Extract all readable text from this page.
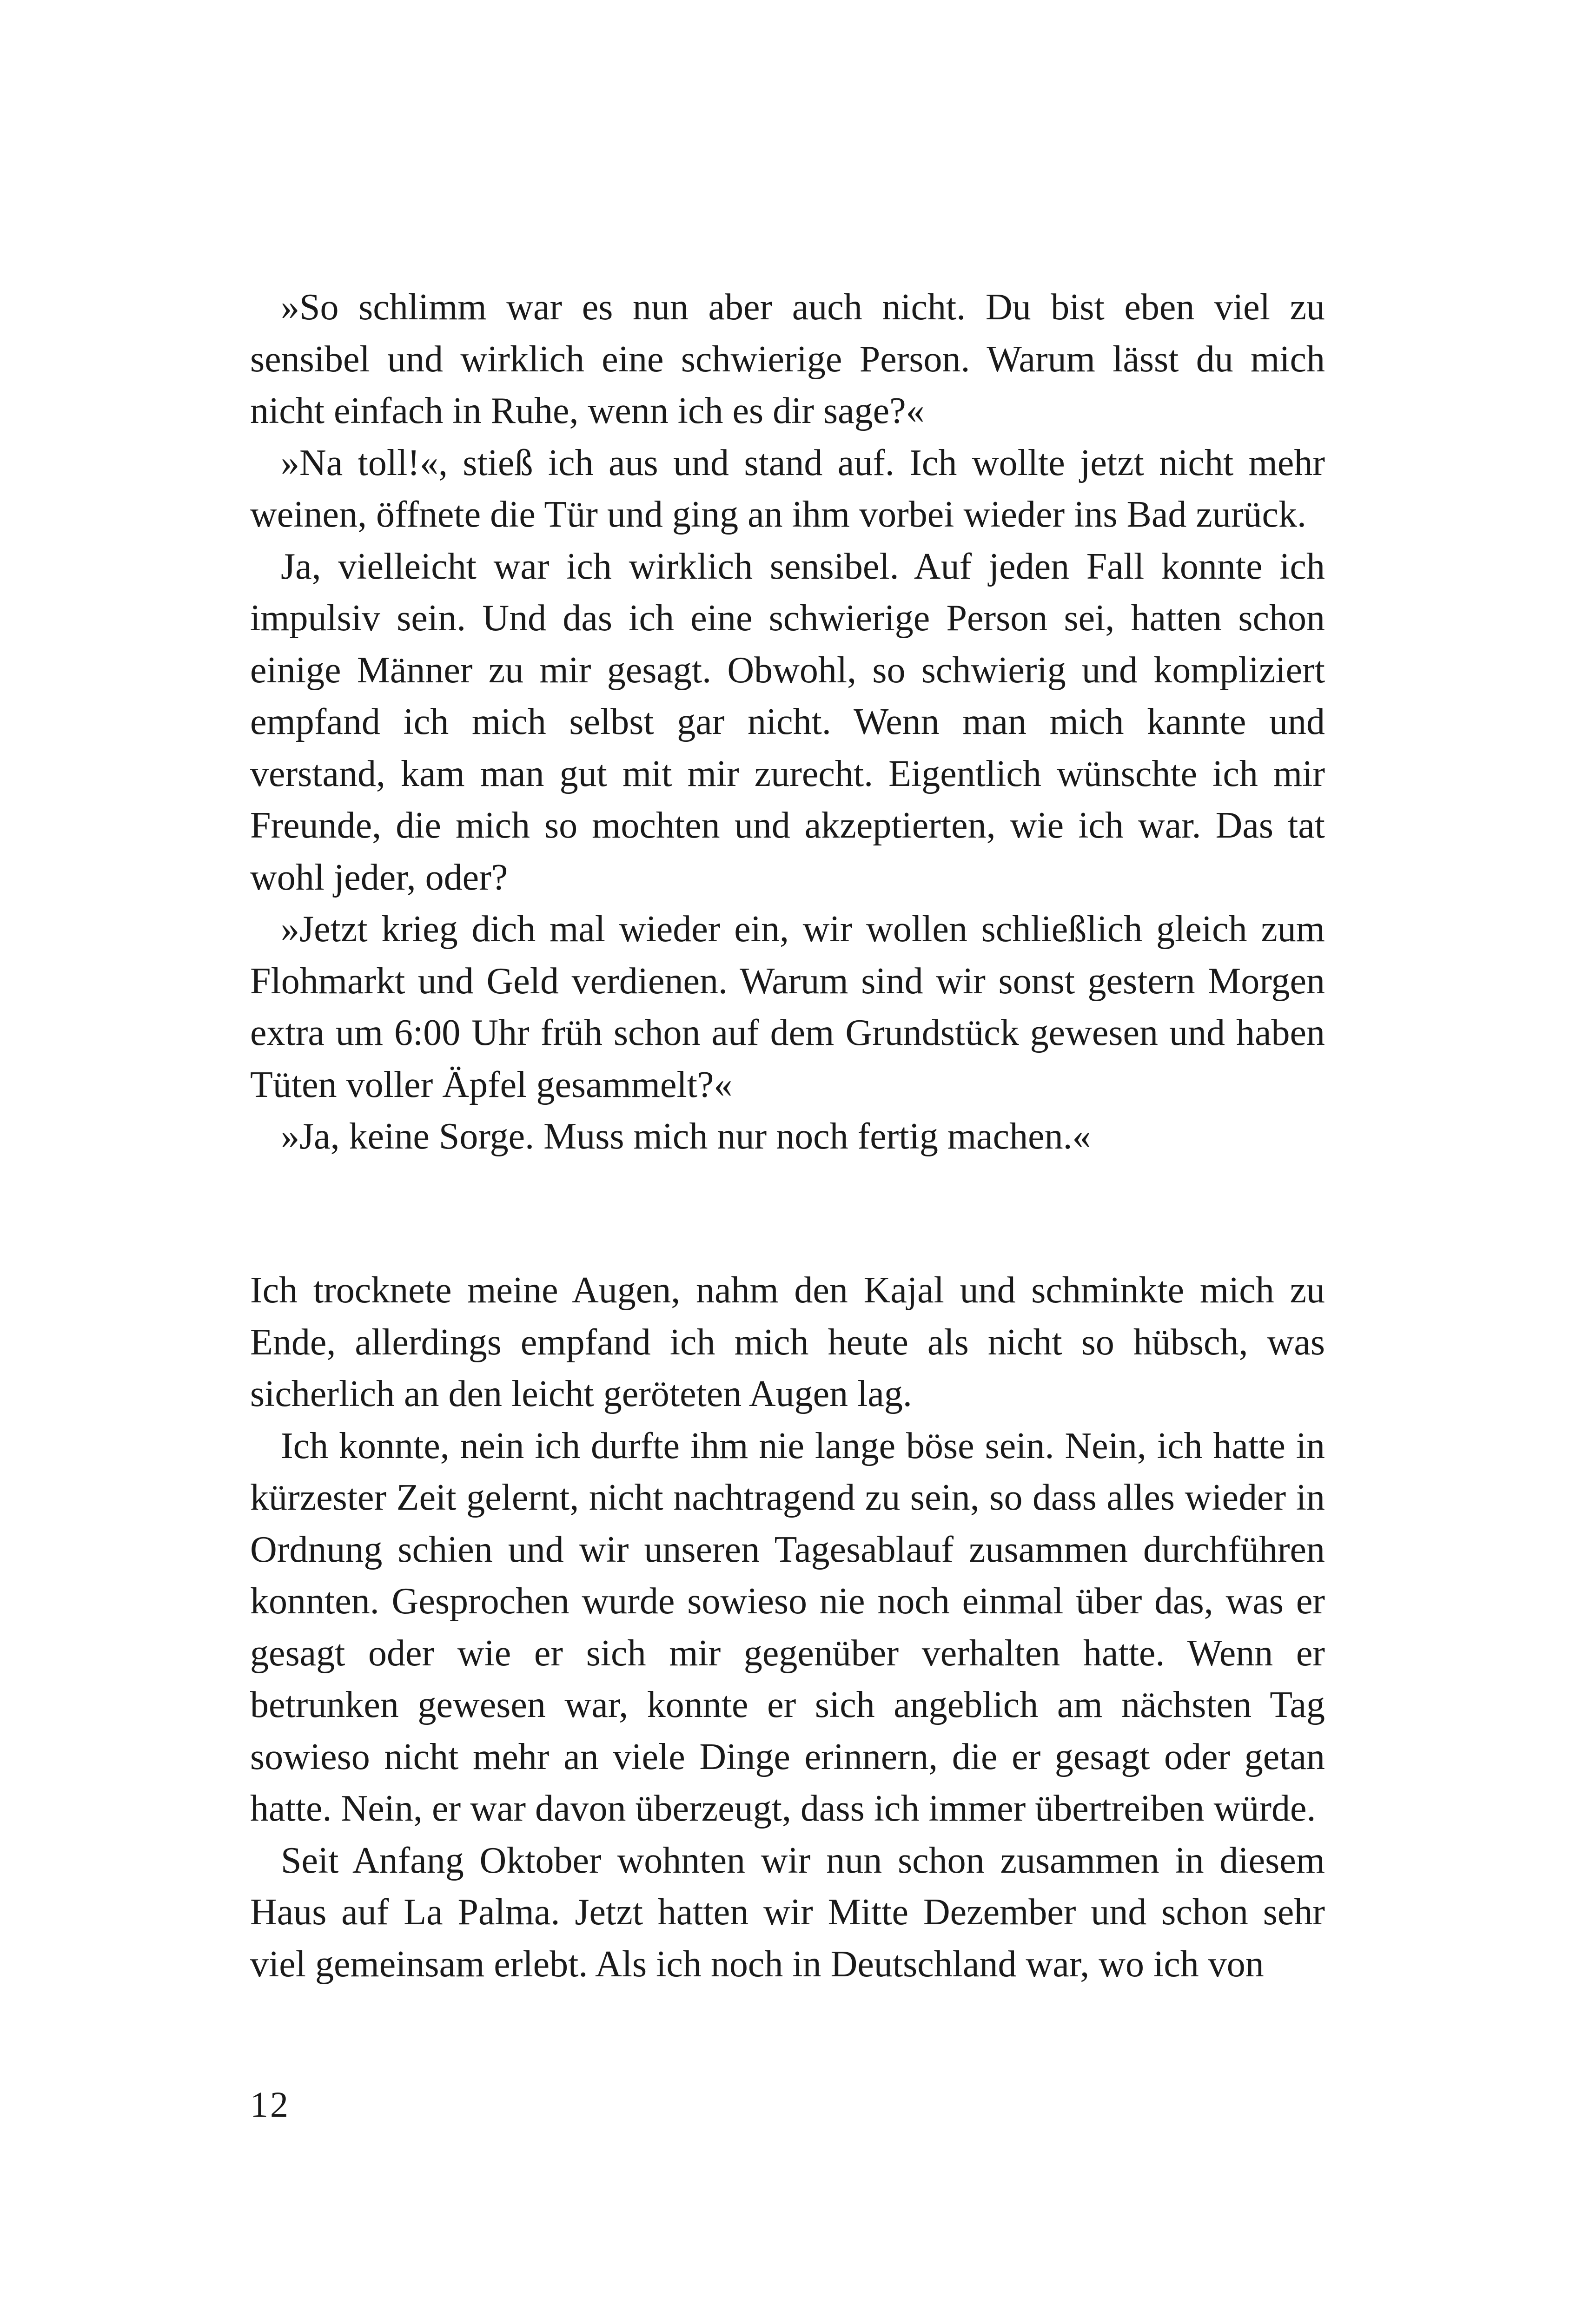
»So schlimm war es nun aber auch nicht. Du bist eben viel zu sensibel und wirklich eine schwierige Person. Warum lässt du mich nicht einfach in Ruhe, wenn ich es dir sage?«

»Na toll!«, stieß ich aus und stand auf. Ich wollte jetzt nicht mehr weinen, öffnete die Tür und ging an ihm vorbei wieder ins Bad zurück.

Ja, vielleicht war ich wirklich sensibel. Auf jeden Fall konnte ich impulsiv sein. Und das ich eine schwierige Person sei, hatten schon einige Männer zu mir gesagt. Obwohl, so schwierig und kompliziert empfand ich mich selbst gar nicht. Wenn man mich kannte und verstand, kam man gut mit mir zurecht. Eigentlich wünschte ich mir Freunde, die mich so mochten und akzeptierten, wie ich war. Das tat wohl jeder, oder?

»Jetzt krieg dich mal wieder ein, wir wollen schließlich gleich zum Flohmarkt und Geld verdienen. Warum sind wir sonst gestern Morgen extra um 6:00 Uhr früh schon auf dem Grundstück gewesen und haben Tüten voller Äpfel gesammelt?«

»Ja, keine Sorge. Muss mich nur noch fertig machen.«

Ich trocknete meine Augen, nahm den Kajal und schminkte mich zu Ende, allerdings empfand ich mich heute als nicht so hübsch, was sicherlich an den leicht geröteten Augen lag.

Ich konnte, nein ich durfte ihm nie lange böse sein. Nein, ich hatte in kürzester Zeit gelernt, nicht nachtragend zu sein, so dass alles wieder in Ordnung schien und wir unseren Tagesablauf zusammen durchführen konnten. Gesprochen wurde sowieso nie noch einmal über das, was er gesagt oder wie er sich mir gegenüber verhalten hatte. Wenn er betrunken gewesen war, konnte er sich angeblich am nächsten Tag sowieso nicht mehr an viele Dinge erinnern, die er gesagt oder getan hatte. Nein, er war davon überzeugt, dass ich immer übertreiben würde.

Seit Anfang Oktober wohnten wir nun schon zusammen in diesem Haus auf La Palma. Jetzt hatten wir Mitte Dezember und schon sehr viel gemeinsam erlebt. Als ich noch in Deutschland war, wo ich von

12
